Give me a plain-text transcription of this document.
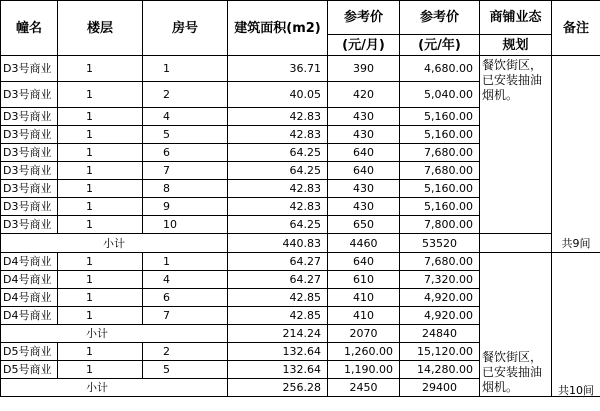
幢名	楼层	房号	建筑面积(m2)	参考价	参考价	商铺业态	备注
				(元/月)	(元/年)	规划	
D3号商业	1	1	36.71	390	4,680.00	餐饮街区，已安装抽油烟机。	共9间
D3号商业	1	2	40.05	420	5,040.00		
D3号商业	1	4	42.83	430	5,160.00		
D3号商业	1	5	42.83	430	5,160.00		
D3号商业	1	6	64.25	640	7,680.00		
D3号商业	1	7	64.25	640	7,680.00		
D3号商业	1	8	42.83	430	5,160.00		
D3号商业	1	9	42.83	430	5,160.00		
D3号商业	1	10	64.25	650	7,800.00		
小计			440.83	4460	53520		
D4号商业	1	1	64.27	640	7,680.00	餐饮街区，已安装抽油烟机。	共10间
D4号商业	1	4	64.27	610	7,320.00		
D4号商业	1	6	42.85	410	4,920.00		
D4号商业	1	7	42.85	410	4,920.00		
小计			214.24	2070	24840		
D5号商业	1	2	132.64	1,260.00	15,120.00		
D5号商业	1	5	132.64	1,190.00	14,280.00		
小计			256.28	2450	29400		
